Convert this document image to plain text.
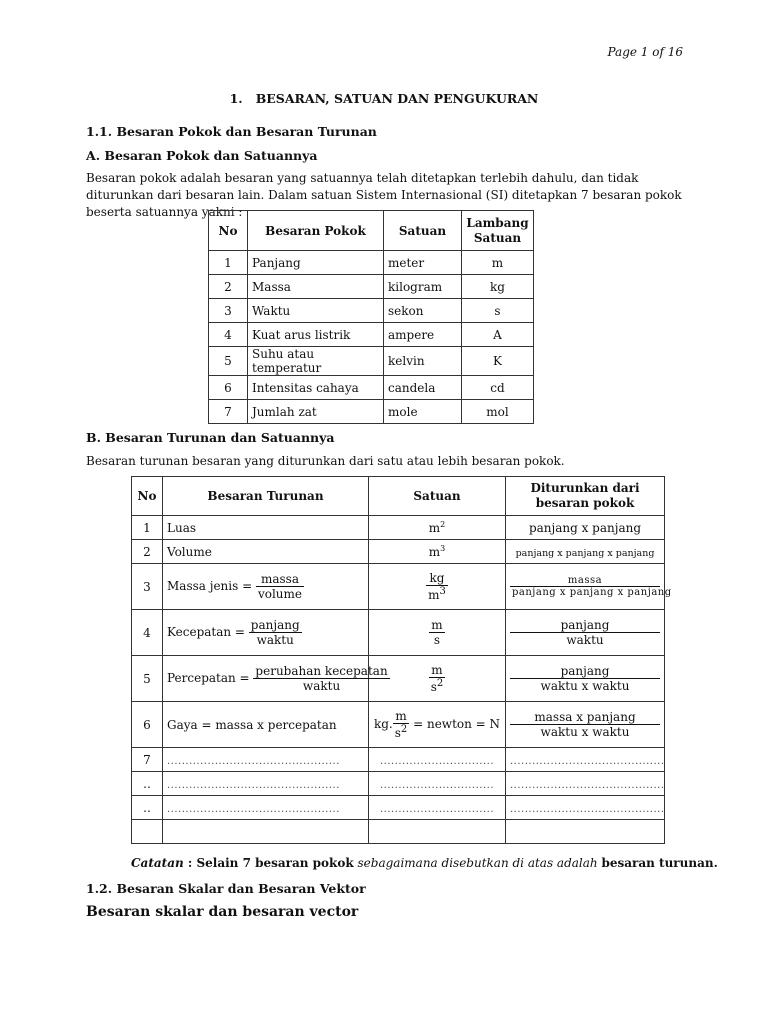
Page 1 of 16
1.   BESARAN, SATUAN DAN PENGUKURAN
1.1. Besaran Pokok dan Besaran Turunan
A. Besaran Pokok dan Satuannya
Besaran pokok adalah besaran yang satuannya telah ditetapkan terlebih dahulu, dan tidak diturunkan dari besaran lain. Dalam satuan Sistem Internasional (SI) ditetapkan 7 besaran pokok beserta satuannya yakni :
No	Besaran Pokok	Satuan	Lambang Satuan
1	Panjang	meter	m
2	Massa	kilogram	kg
3	Waktu	sekon	s
4	Kuat arus listrik	ampere	A
5	Suhu atau temperatur	kelvin	K
6	Intensitas cahaya	candela	cd
7	Jumlah zat	mole	mol
B. Besaran Turunan dan Satuannya
Besaran turunan besaran yang diturunkan dari satu atau lebih besaran pokok.
No	Besaran Turunan	Satuan	Diturunkan dari besaran pokok
1	Luas	$m^2$	panjang x panjang

2	Volume	$m^3$	panjang x panjang x panjang

3	Massa jenis = $\frac{\text{massa}}{\text{volume}}$	$\frac{kg}{m^3}$	$\frac{\text{massa}}{\text{panjang x panjang x panjang}}$

4	Kecepatan = $\frac{\text{panjang}}{\text{waktu}}$	$\frac{m}{s}$	$\frac{\text{panjang}}{\text{waktu}}$

5	Percepatan = $\frac{\text{perubahan kecepatan}}{\text{waktu}}$	$\frac{m}{s^2}$	$\frac{\text{panjang}}{\text{waktu x waktu}}$

6	Gaya = massa x percepatan	kg. $\frac{m}{s^2}$ = newton = N	$\frac{\text{massa x panjang}}{\text{waktu x waktu}}$

7	...............................................	...............................	..........................................

..	...............................................	...............................	..........................................

..	...............................................	...............................	..........................................

Catatan : Selain 7 besaran pokok sebagaimana disebutkan di atas adalah besaran turunan.
1.2. Besaran Skalar dan Besaran Vektor
Besaran skalar dan besaran vector
